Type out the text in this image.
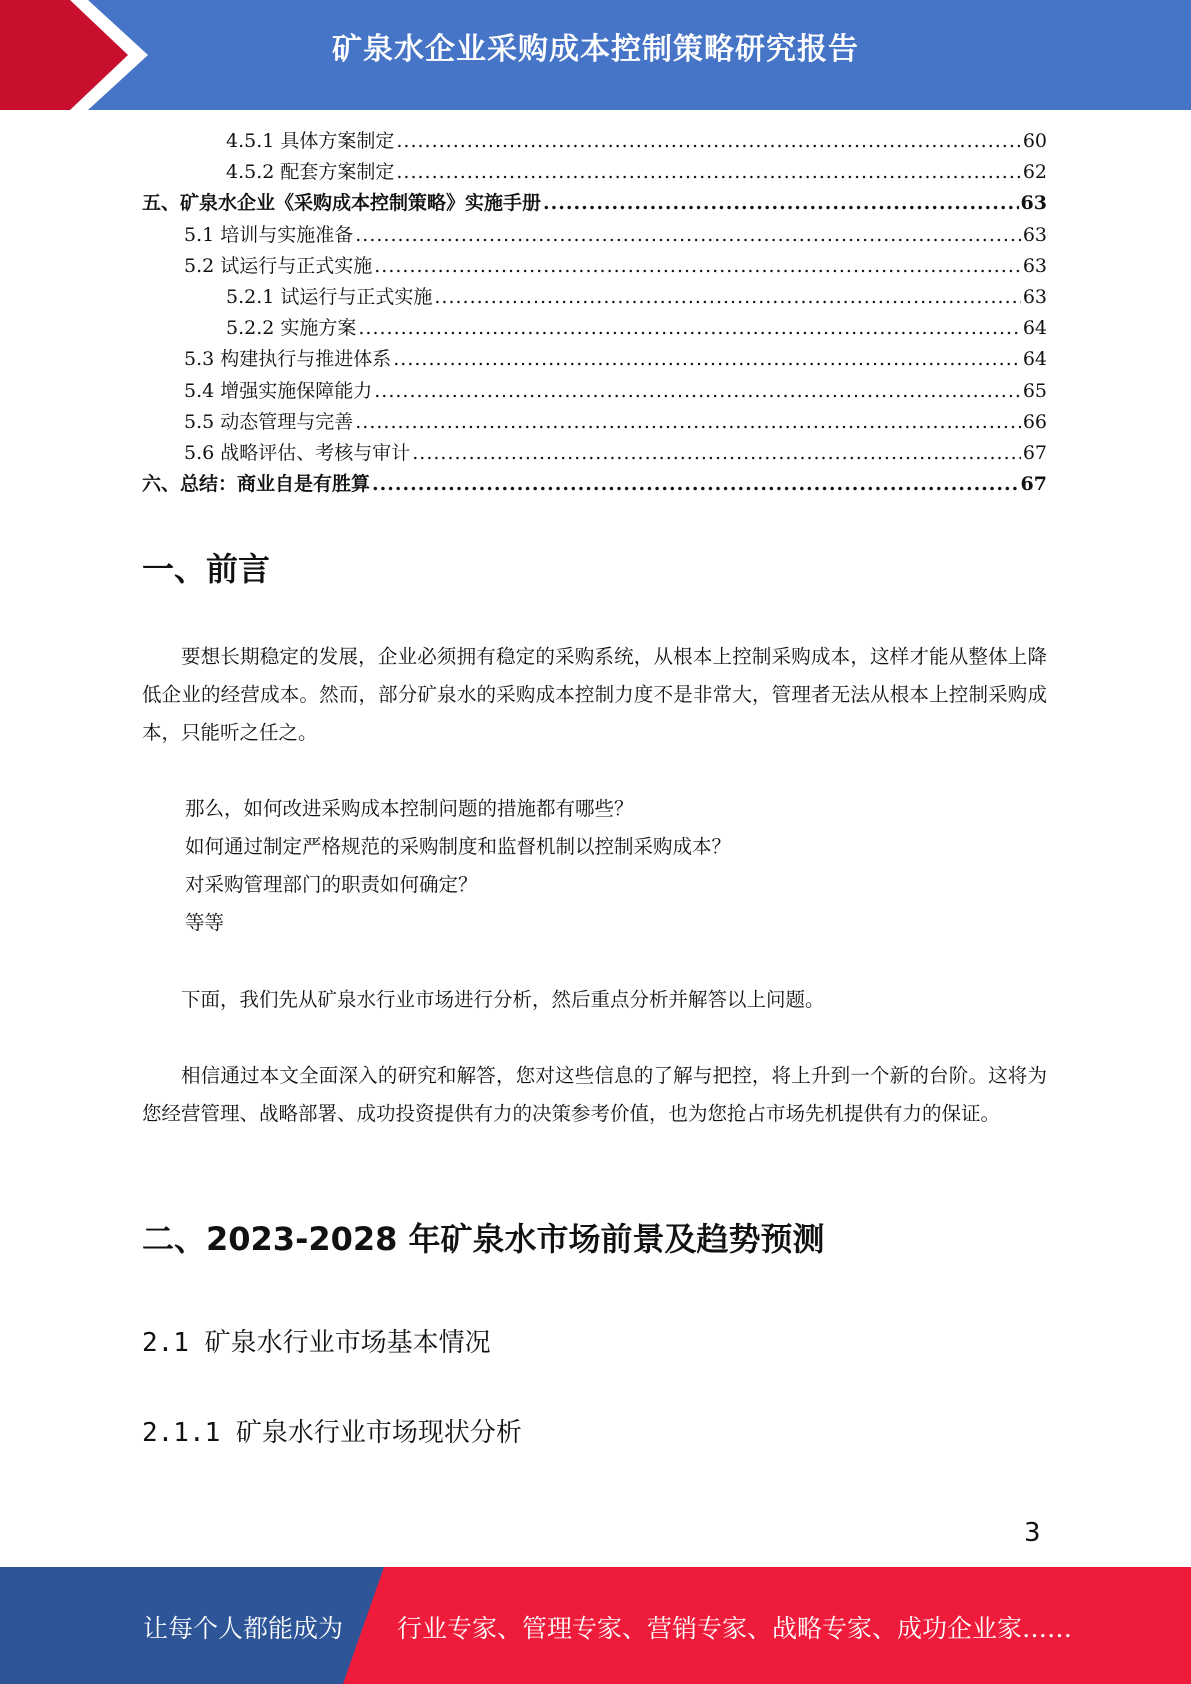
矿泉水企业采购成本控制策略研究报告
4.5.1 具体方案制定 .....	60
4.5.2 配套方案制定 .....	62
五、矿泉水企业《采购成本控制策略》实施手册 .....	63
5.1 培训与实施准备 .....	63
5.2 试运行与正式实施 .....	63
5.2.1 试运行与正式实施 .....	63
5.2.2 实施方案 .....	64
5.3 构建执行与推进体系 .....	64
5.4 增强实施保障能力 .....	65
5.5 动态管理与完善 .....	66
5.6 战略评估、考核与审计 .....	67
六、总结：商业自是有胜算 .....	67
一、前言
要想长期稳定的发展，企业必须拥有稳定的采购系统，从根本上控制采购成本，这样才能从整体上降低企业的经营成本。然而，部分矿泉水的采购成本控制力度不是非常大，管理者无法从根本上控制采购成本，只能听之任之。
那么，如何改进采购成本控制问题的措施都有哪些？
如何通过制定严格规范的采购制度和监督机制以控制采购成本？
对采购管理部门的职责如何确定？
等等
下面，我们先从矿泉水行业市场进行分析，然后重点分析并解答以上问题。
相信通过本文全面深入的研究和解答，您对这些信息的了解与把控，将上升到一个新的台阶。这将为您经营管理、战略部署、成功投资提供有力的决策参考价值，也为您抢占市场先机提供有力的保证。
二、2023-2028 年矿泉水市场前景及趋势预测
2.1 矿泉水行业市场基本情况
2.1.1 矿泉水行业市场现状分析
3
让每个人都能成为 行业专家、管理专家、营销专家、战略专家、成功企业家……
